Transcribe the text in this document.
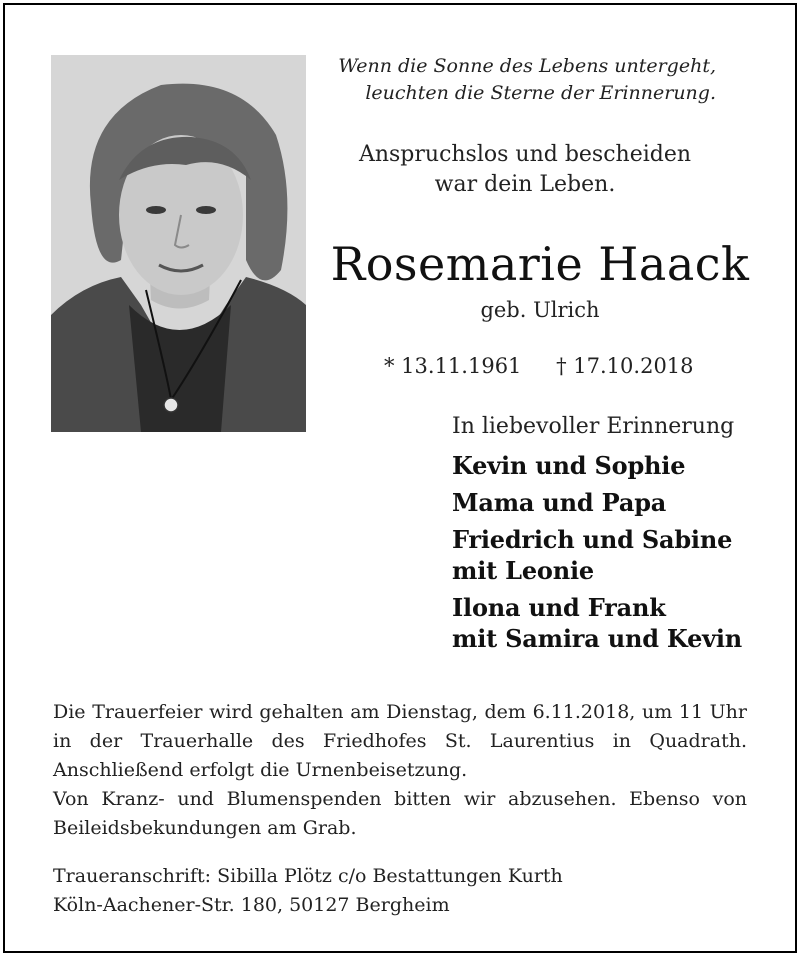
Wenn die Sonne des Lebens untergeht,
leuchten die Sterne der Erinnerung.
Anspruchslos und bescheiden
war dein Leben.
Rosemarie Haack
geb. Ulrich
* 13.11.1961 † 17.10.2018
In liebevoller Erinnerung
Kevin und Sophie
Mama und Papa
Friedrich und Sabine
mit Leonie
Ilona und Frank
mit Samira und Kevin

Die Trauerfeier wird gehalten am Dienstag, dem 6.11.2018, um 11 Uhr

in der Trauerhalle des Friedhofes St. Laurentius in Quadrath.

Anschließend erfolgt die Urnenbeisetzung.

Von Kranz- und Blumenspenden bitten wir abzusehen. Ebenso von

Beileidsbekundungen am Grab.

Traueranschrift: Sibilla Plötz c/o Bestattungen Kurth

Köln-Aachener-Str. 180, 50127 Bergheim
